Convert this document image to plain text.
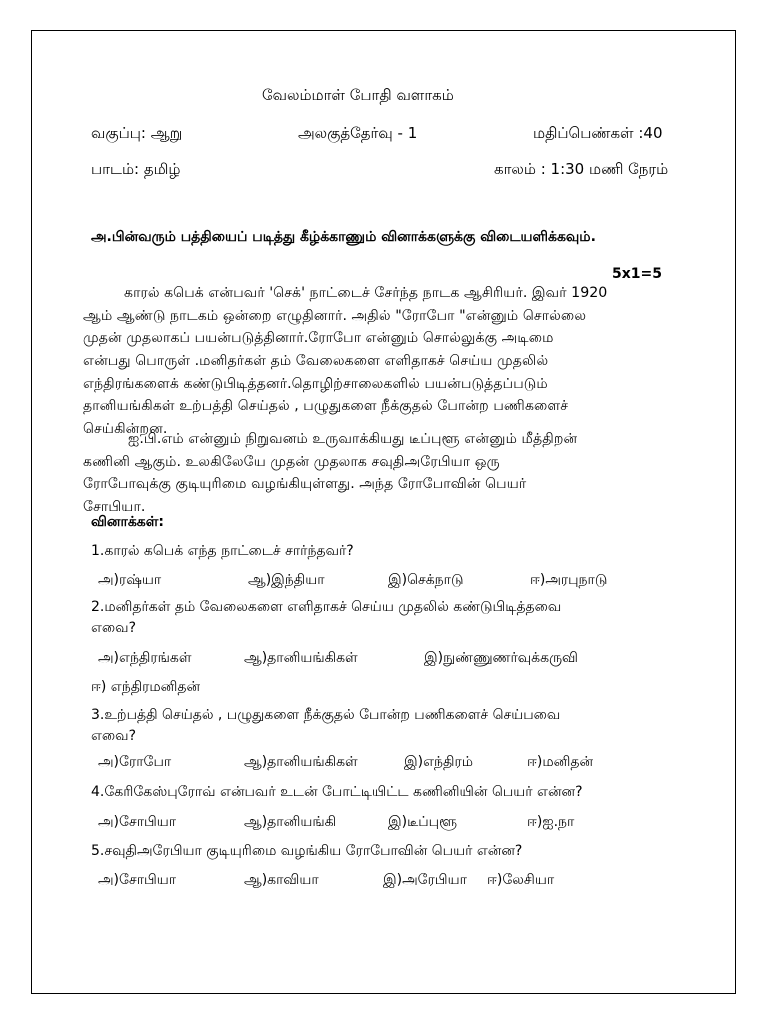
வேலம்மாள் போதி வளாகம்
வகுப்பு: ஆறு	அலகுத்தேர்வு - 1	மதிப்பெண்கள் :40
பாடம்: தமிழ்	காலம் : 1:30 மணி நேரம்
அ.பின்வரும் பத்தியைப் படித்து கீழ்க்காணும் வினாக்களுக்கு விடையளிக்கவும்.
5x1=5
காரல் கபெக் என்பவர் 'செக்' நாட்டைச் சேர்ந்த நாடக ஆசிரியர். இவர் 1920
ஆம் ஆண்டு நாடகம் ஒன்றை எழுதினார். அதில் "ரோபோ "என்னும் சொல்லை
முதன் முதலாகப் பயன்படுத்தினார்.ரோபோ என்னும் சொல்லுக்கு அடிமை
என்பது பொருள் .மனிதர்கள் தம் வேலைகளை எளிதாகச் செய்ய முதலில்
எந்திரங்களைக் கண்டுபிடித்தனர்.தொழிற்சாலைகளில் பயன்படுத்தப்படும்
தானியங்கிகள் உற்பத்தி செய்தல் , பழுதுகளை நீக்குதல் போன்ற பணிகளைச்
செய்கின்றன.
ஐ.பி.எம் என்னும் நிறுவனம் உருவாக்கியது டீப்புளூ என்னும் மீத்திறன்
கணினி ஆகும். உலகிலேயே முதன் முதலாக சவுதிஅரேபியா ஒரு
ரோபோவுக்கு குடியுரிமை வழங்கியுள்ளது. அந்த ரோபோவின் பெயர்
சோபியா.
வினாக்கள்:
1.காரல் கபெக் எந்த நாட்டைச் சார்ந்தவர்?
அ)ரஷ்யா	ஆ)இந்தியா	இ)செக்நாடு	ஈ)அரபுநாடு
2.மனிதர்கள் தம் வேலைகளை எளிதாகச் செய்ய முதலில் கண்டுபிடித்தவை
எவை?
அ)எந்திரங்கள்	ஆ)தானியங்கிகள்	இ)நுண்ணுணர்வுக்கருவி
ஈ) எந்திரமனிதன்
3.உற்பத்தி செய்தல் , பழுதுகளை நீக்குதல் போன்ற பணிகளைச் செய்பவை
எவை?
அ)ரோபோ	ஆ)தானியங்கிகள்	இ)எந்திரம்	ஈ)மனிதன்
4.கேரிகேஸ்புரோவ் என்பவர் உடன் போட்டியிட்ட கணினியின் பெயர் என்ன?
அ)சோபியா	ஆ)தானியங்கி	இ)டீப்புளூ	ஈ)ஐ.நா
5.சவுதிஅரேபியா குடியுரிமை வழங்கிய ரோபோவின் பெயர் என்ன?
அ)சோபியா	ஆ)காவியா	இ)அரேபியா ஈ)லேசியா
